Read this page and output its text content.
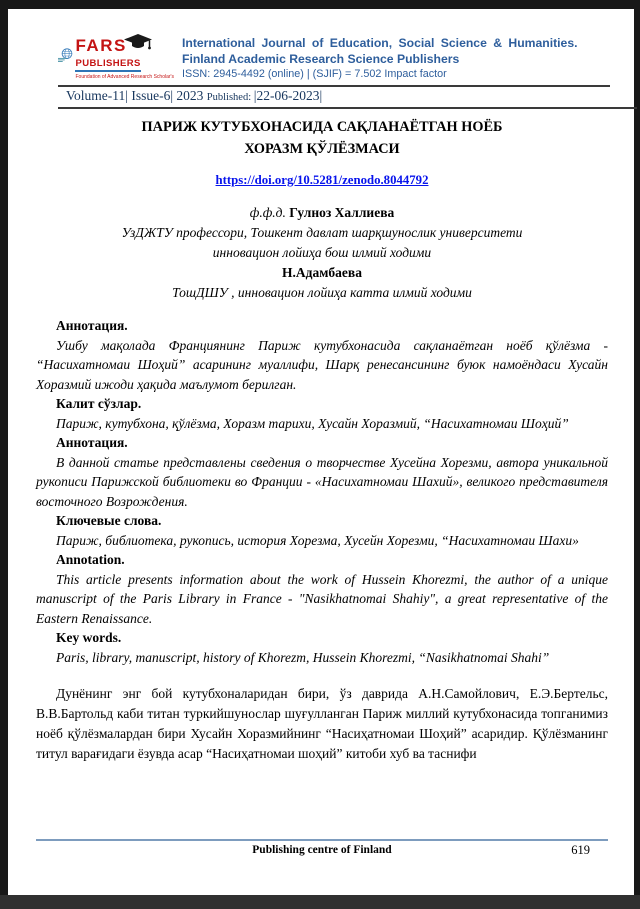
FARS
PUBLISHERS
Foundation of Advanced Research Scholar's
International Journal of Education, Social Science & Humanities.
Finland Academic Research Science Publishers
ISSN: 2945-4492 (online) | (SJIF) = 7.502 Impact factor
Volume-11| Issue-6| 2023 Published: |22-06-2023|
ПАРИЖ КУТУБХОНАСИДА САҚЛАНАЁТГАН НОЁБ ХОРАЗМ ҚЎЛЁЗМАСИ
https://doi.org/10.5281/zenodo.8044792
ф.ф.д. Гулноз Халлиева
УзДЖТУ профессори, Тошкент давлат шарқшунослик университети
инновацион лойиҳа бош илмий ходими
Н.Адамбаева
ТошДШУ , инновацион лойиҳа катта илмий ходими

Аннотация.

Ушбу мақолада Франциянинг Париж кутубхонасида сақланаётган ноёб қўлёзма - “Насихатномаи Шоҳий” асарининг муаллифи, Шарқ ренесансининг буюк намоёндаси Хусайн Хоразмий ижоди ҳақида маълумот берилган.

Калит сўзлар.

Париж, кутубхона, қўлёзма, Хоразм тарихи, Хусайн Хоразмий, “Насихатномаи Шоҳий”

Аннотация.

В данной статье представлены сведения о творчестве Хусейна Хорезми, автора уникальной рукописи Парижской библиотеки во Франции - «Насихатномаи Шахий», великого представителя восточного Возрождения.

Ключевые слова.

Париж, библиотека, рукопись, история Хорезма, Хусейн Хорезми, “Насихатномаи Шахи»

Annotation.

This article presents information about the work of Hussein Khorezmi, the author of a unique manuscript of the Paris Library in France - "Nasikhatnomai Shahiy", a great representative of the Eastern Renaissance.

Key words.

Paris, library, manuscript, history of Khorezm, Hussein Khorezmi, “Nasikhatnomai Shahi”

Дунёнинг энг бой кутубхоналаридан бири, ўз даврида А.Н.Самойлович, Е.Э.Бертельс, В.В.Бартольд каби титан туркийшунослар шуғулланган Париж миллий кутубхонасида топганимиз ноёб қўлёзмалардан бири Хусайн Хоразмийнинг “Насиҳатномаи Шоҳий” асаридир. Қўлёзманинг титул варағидаги ёзувда асар “Насиҳатномаи шоҳий” китоби хуб ва таснифи

Publishing centre of Finland	619
